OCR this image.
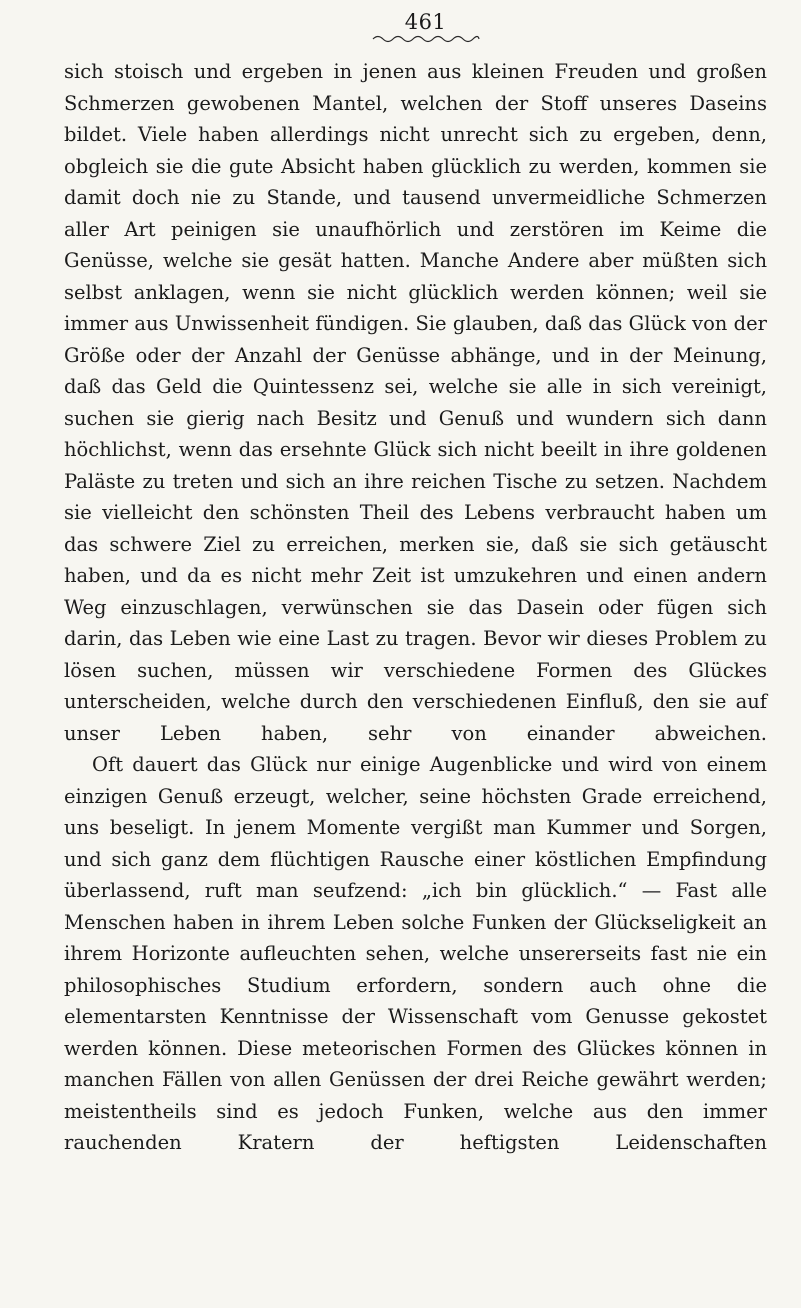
461

sich stoisch und ergeben in jenen aus kleinen Freuden und großen Schmerzen gewobenen Mantel, welchen der Stoff unseres Daseins bildet. Viele haben allerdings nicht unrecht sich zu ergeben, denn, obgleich sie die gute Absicht haben glücklich zu werden, kommen sie damit doch nie zu Stande, und tausend unvermeidliche Schmerzen aller Art peinigen sie unaufhörlich und zerstören im Keime die Genüsse, welche sie gesät hatten. Manche Andere aber müßten sich selbst anklagen, wenn sie nicht glücklich werden können; weil sie immer aus Unwissenheit fündigen. Sie glauben, daß das Glück von der Größe oder der Anzahl der Genüsse abhänge, und in der Meinung, daß das Geld die Quintessenz sei, welche sie alle in sich vereinigt, suchen sie gierig nach Besitz und Genuß und wundern sich dann höchlichst, wenn das ersehnte Glück sich nicht beeilt in ihre goldenen Paläste zu treten und sich an ihre reichen Tische zu setzen. Nachdem sie vielleicht den schönsten Theil des Lebens verbraucht haben um das schwere Ziel zu erreichen, merken sie, daß sie sich getäuscht haben, und da es nicht mehr Zeit ist umzukehren und einen andern Weg einzuschlagen, verwünschen sie das Dasein oder fügen sich darin, das Leben wie eine Last zu tragen. Bevor wir dieses Problem zu lösen suchen, müssen wir verschiedene Formen des Glückes unterscheiden, welche durch den verschiedenen Einfluß, den sie auf unser Leben haben, sehr von einander abweichen.

Oft dauert das Glück nur einige Augenblicke und wird von einem einzigen Genuß erzeugt, welcher, seine höchsten Grade erreichend, uns beseligt. In jenem Momente vergißt man Kummer und Sorgen, und sich ganz dem flüchtigen Rausche einer köstlichen Empfindung überlassend, ruft man seufzend: „ich bin glücklich.“ — Fast alle Menschen haben in ihrem Leben solche Funken der Glückseligkeit an ihrem Horizonte aufleuchten sehen, welche unsererseits fast nie ein philosophisches Studium erfordern, sondern auch ohne die elementarsten Kenntnisse der Wissenschaft vom Genusse gekostet werden können. Diese meteorischen Formen des Glückes können in manchen Fällen von allen Genüssen der drei Reiche gewährt werden; meistentheils sind es jedoch Funken, welche aus den immer rauchenden Kratern der heftigsten Leidenschaften
